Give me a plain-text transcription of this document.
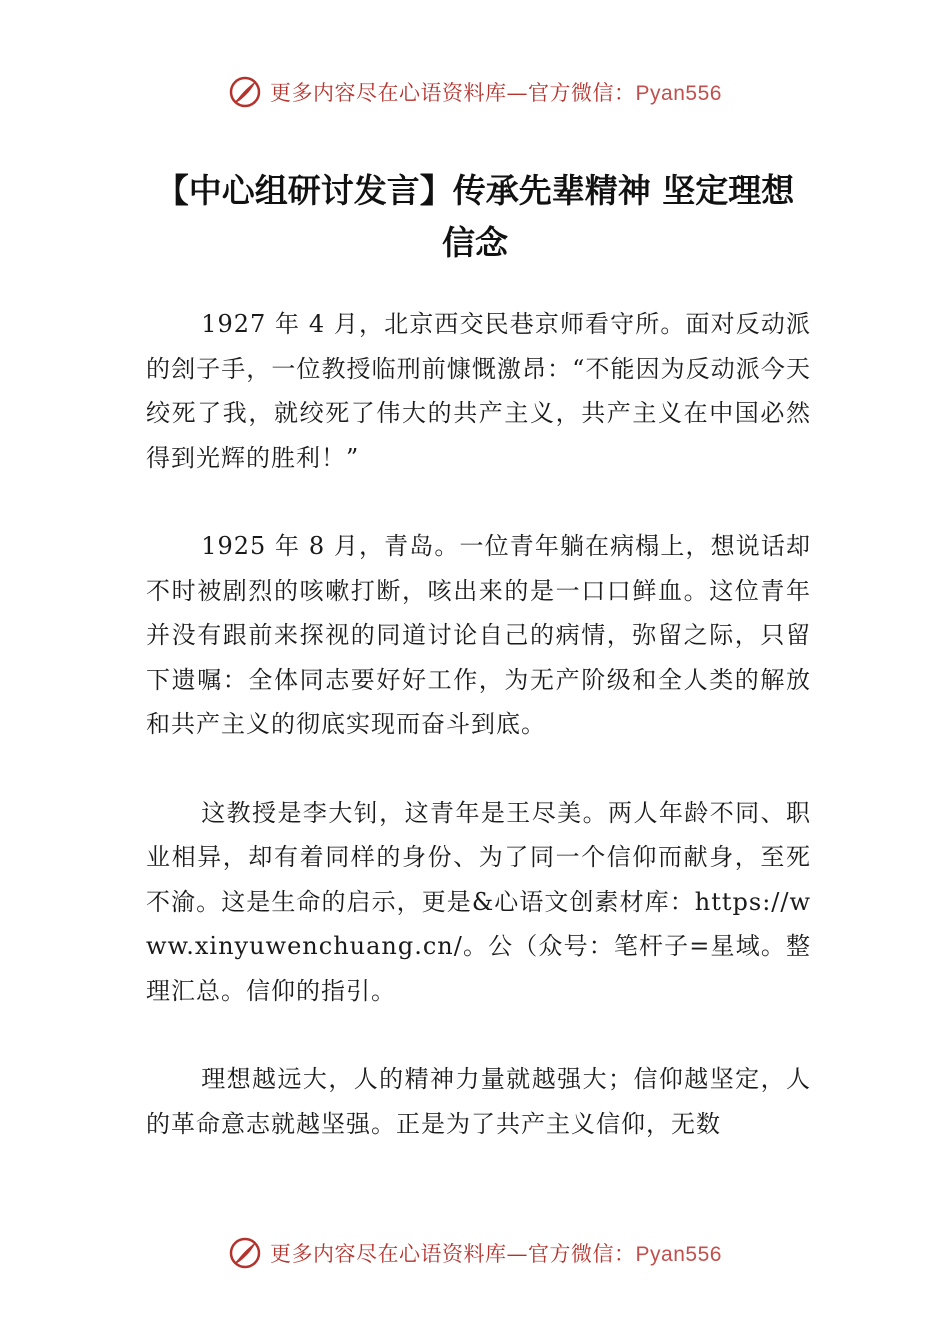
更多内容尽在心语资料库—官方微信：Pyan556
【中心组研讨发言】传承先辈精神 坚定理想信念

1927 年 4 月，北京西交民巷京师看守所。面对反动派的刽子手，一位教授临刑前慷慨激昂：“不能因为反动派今天绞死了我，就绞死了伟大的共产主义，共产主义在中国必然得到光辉的胜利！”

1925 年 8 月，青岛。一位青年躺在病榻上，想说话却不时被剧烈的咳嗽打断，咳出来的是一口口鲜血。这位青年并没有跟前来探视的同道讨论自己的病情，弥留之际，只留下遗嘱：全体同志要好好工作，为无产阶级和全人类的解放和共产主义的彻底实现而奋斗到底。

这教授是李大钊，这青年是王尽美。两人年龄不同、职业相异，却有着同样的身份、为了同一个信仰而献身，至死不渝。这是生命的启示，更是&心语文创素材库：https://www.xinyuwenchuang.cn/。公（众号：笔杆子=星域。整理汇总。信仰的指引。

理想越远大，人的精神力量就越强大；信仰越坚定，人的革命意志就越坚强。正是为了共产主义信仰，无数

更多内容尽在心语资料库—官方微信：Pyan556
